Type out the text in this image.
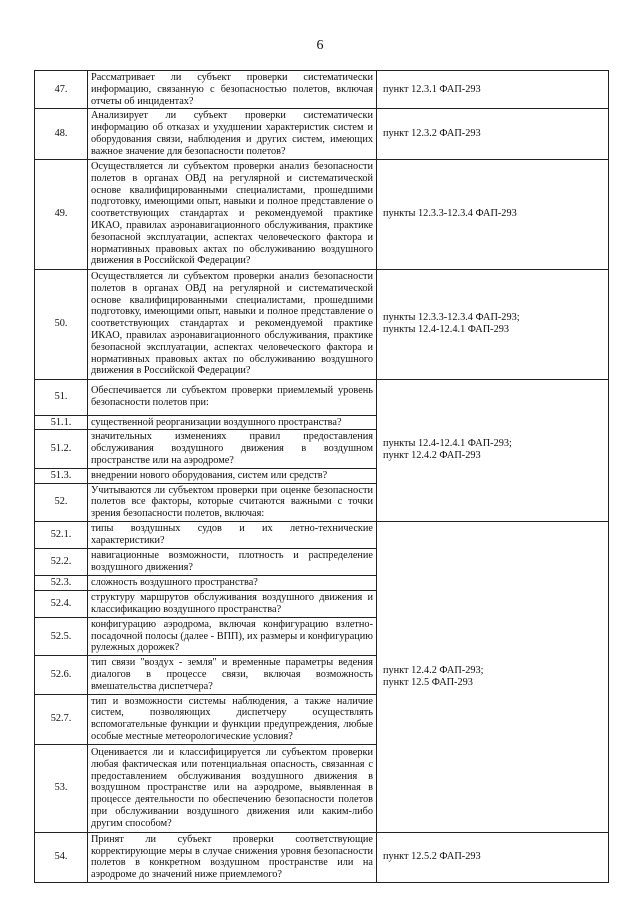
6
47.	Рассматривает ли субъект проверки систематически информацию, связанную с безопасностью полетов, включая отчеты об инцидентах?	пункт 12.3.1 ФАП-293
48.	Анализирует ли субъект проверки систематически информацию об отказах и ухудшении характеристик систем и оборудования связи, наблюдения и других систем, имеющих важное значение для безопасности полетов?	пункт 12.3.2 ФАП-293
49.	Осуществляется ли субъектом проверки анализ безопасности полетов в органах ОВД на регулярной и систематической основе квалифицированными специалистами, прошедшими подготовку, имеющими опыт, навыки и полное представление о соответствующих стандартах и рекомендуемой практике ИКАО, правилах аэронавигационного обслуживания, практике безопасной эксплуатации, аспектах человеческого фактора и нормативных правовых актах по обслуживанию воздушного движения в Российской Федерации?	пункты 12.3.3-12.3.4 ФАП-293
50.	Осуществляется ли субъектом проверки анализ безопасности полетов в органах ОВД на регулярной и систематической основе квалифицированными специалистами, прошедшими подготовку, имеющими опыт, навыки и полное представление о соответствующих стандартах и рекомендуемой практике ИКАО, правилах аэронавигационного обслуживания, практике безопасной эксплуатации, аспектах человеческого фактора и нормативных правовых актах по обслуживанию воздушного движения в Российской Федерации?	пункты 12.3.3-12.3.4 ФАП-293;
пункты 12.4-12.4.1 ФАП-293

51.	Обеспечивается ли субъектом проверки приемлемый уровень безопасности полетов при:	пункты 12.4-12.4.1 ФАП-293;
пункт 12.4.2 ФАП-293

51.1.	существенной реорганизации воздушного пространства?	
51.2.	значительных изменениях правил предоставления обслуживания воздушного движения в воздушном пространстве или на аэродроме?	
51.3.	внедрении нового оборудования, систем или средств?	
52.	Учитываются ли субъектом проверки при оценке безопасности полетов все факторы, которые считаются важными с точки зрения безопасности полетов, включая:	
52.1.	типы воздушных судов и их летно-технические характеристики?	пункт 12.4.2 ФАП-293;
пункт 12.5 ФАП-293

52.2.	навигационные возможности, плотность и распределение воздушного движения?	
52.3.	сложность воздушного пространства?	
52.4.	структуру маршрутов обслуживания воздушного движения и классификацию воздушного пространства?	
52.5.	конфигурацию аэродрома, включая конфигурацию взлетно-посадочной полосы (далее - ВПП), их размеры и конфигурацию рулежных дорожек?	
52.6.	тип связи "воздух - земля" и временные параметры ведения диалогов в процессе связи, включая возможность вмешательства диспетчера?	
52.7.	тип и возможности системы наблюдения, а также наличие систем, позволяющих диспетчеру осуществлять вспомогательные функции и функции предупреждения, любые особые местные метеорологические условия?	
53.	Оценивается ли и классифицируется ли субъектом проверки любая фактическая или потенциальная опасность, связанная с предоставлением обслуживания воздушного движения в воздушном пространстве или на аэродроме, выявленная в процессе деятельности по обеспечению безопасности полетов при обслуживании воздушного движения или каким-либо другим способом?	
54.	Принят ли субъект проверки соответствующие корректирующие меры в случае снижения уровня безопасности полетов в конкретном воздушном пространстве или на аэродроме до значений ниже приемлемого?	пункт 12.5.2 ФАП-293
